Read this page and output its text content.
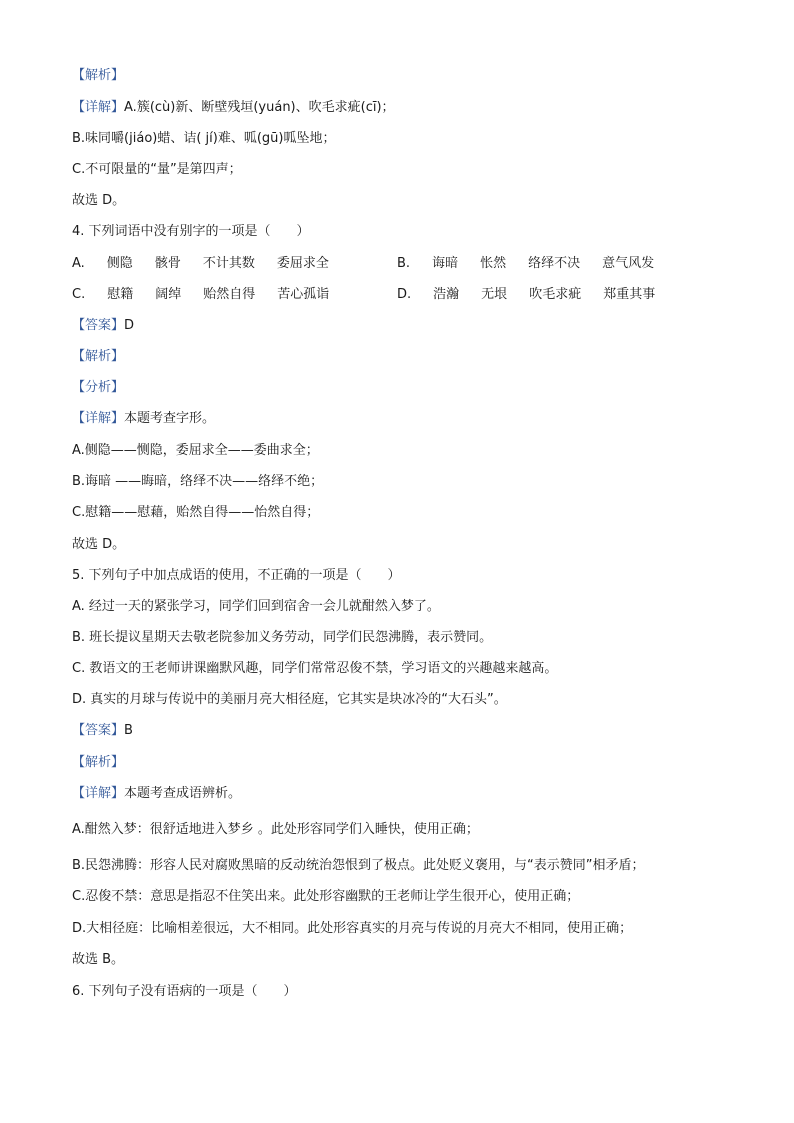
【解析】
【详解】A.簇(cù)新、断壁残垣(yuán)、吹毛求疵(cī)；
B.味同嚼(jiáo)蜡、诘( jí)难、呱(gū)呱坠地；
C.不可限量的“量”是第四声；
故选 D。
4. 下列词语中没有别字的一项是（　　）
A. 侧隐 骸骨 不计其数 委屈求全	B. 诲暗 怅然 络绎不决 意气风发
C. 慰籍 阔绰 贻然自得 苦心孤诣	D. 浩瀚 无垠 吹毛求疵 郑重其事
【答案】D
【解析】
【分析】
【详解】本题考查字形。
A.侧隐——恻隐，委屈求全——委曲求全；
B.诲暗 ——晦暗，络绎不决——络绎不绝；
C.慰籍——慰藉，贻然自得——怡然自得；
故选 D。
5. 下列句子中加点成语的使用，不正确的一项是（　　）
A. 经过一天的紧张学习，同学们回到宿舍一会儿就酣然入梦了。
B. 班长提议星期天去敬老院参加义务劳动，同学们民怨沸腾，表示赞同。
C. 教语文的王老师讲课幽默风趣，同学们常常忍俊不禁，学习语文的兴趣越来越高。
D. 真实的月球与传说中的美丽月亮大相径庭，它其实是块冰冷的“大石头”。
【答案】B
【解析】
【详解】本题考查成语辨析。
A.酣然入梦：很舒适地进入梦乡 。此处形容同学们入睡快，使用正确；
B.民怨沸腾：形容人民对腐败黑暗的反动统治怨恨到了极点。此处贬义褒用，与“表示赞同”相矛盾；
C.忍俊不禁：意思是指忍不住笑出来。此处形容幽默的王老师让学生很开心，使用正确；
D.大相径庭：比喻相差很远，大不相同。此处形容真实的月亮与传说的月亮大不相同，使用正确；
故选 B。
6. 下列句子没有语病的一项是（　　）
